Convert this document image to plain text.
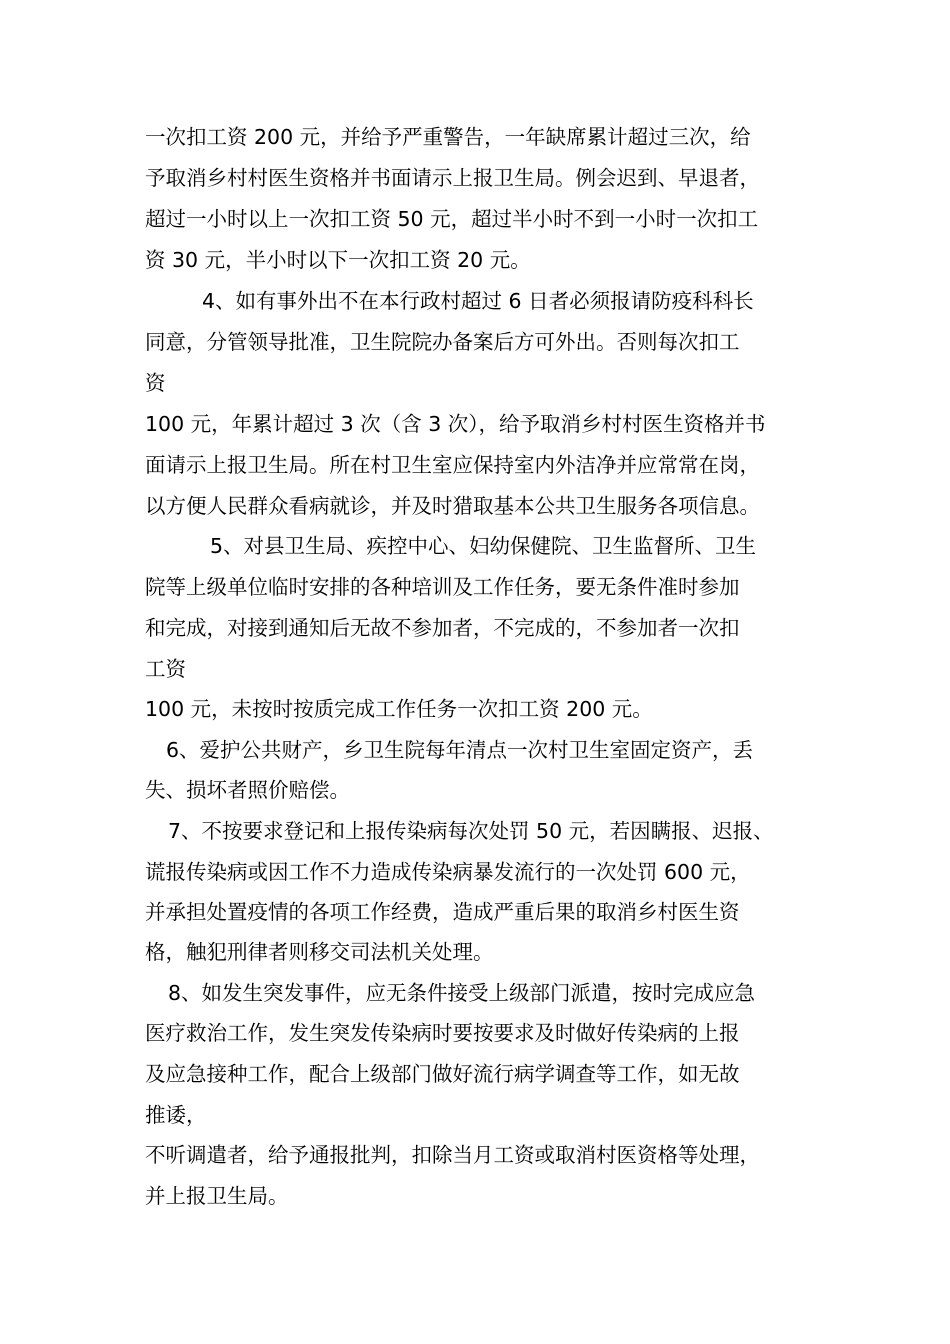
一次扣工资 200 元，并给予严重警告，一年缺席累计超过三次，给
予取消乡村村医生资格并书面请示上报卫生局。例会迟到、早退者，
超过一小时以上一次扣工资 50 元，超过半小时不到一小时一次扣工
资 30 元，半小时以下一次扣工资 20 元。
4、如有事外出不在本行政村超过 6 日者必须报请防疫科科长
同意，分管领导批准，卫生院院办备案后方可外出。否则每次扣工
资
100 元，年累计超过 3 次（含 3 次），给予取消乡村村医生资格并书
面请示上报卫生局。所在村卫生室应保持室内外洁净并应常常在岗，
以方便人民群众看病就诊，并及时猎取基本公共卫生服务各项信息。
5、对县卫生局、疾控中心、妇幼保健院、卫生监督所、卫生
院等上级单位临时安排的各种培训及工作任务，要无条件准时参加
和完成，对接到通知后无故不参加者，不完成的，不参加者一次扣
工资
100 元，未按时按质完成工作任务一次扣工资 200 元。
6、爱护公共财产，乡卫生院每年清点一次村卫生室固定资产，丢
失、损坏者照价赔偿。
7、不按要求登记和上报传染病每次处罚 50 元，若因瞒报、迟报、
谎报传染病或因工作不力造成传染病暴发流行的一次处罚 600 元，
并承担处置疫情的各项工作经费，造成严重后果的取消乡村医生资
格，触犯刑律者则移交司法机关处理。
8、如发生突发事件，应无条件接受上级部门派遣，按时完成应急
医疗救治工作，发生突发传染病时要按要求及时做好传染病的上报
及应急接种工作，配合上级部门做好流行病学调查等工作，如无故
推诿，
不听调遣者，给予通报批判，扣除当月工资或取消村医资格等处理，
并上报卫生局。
